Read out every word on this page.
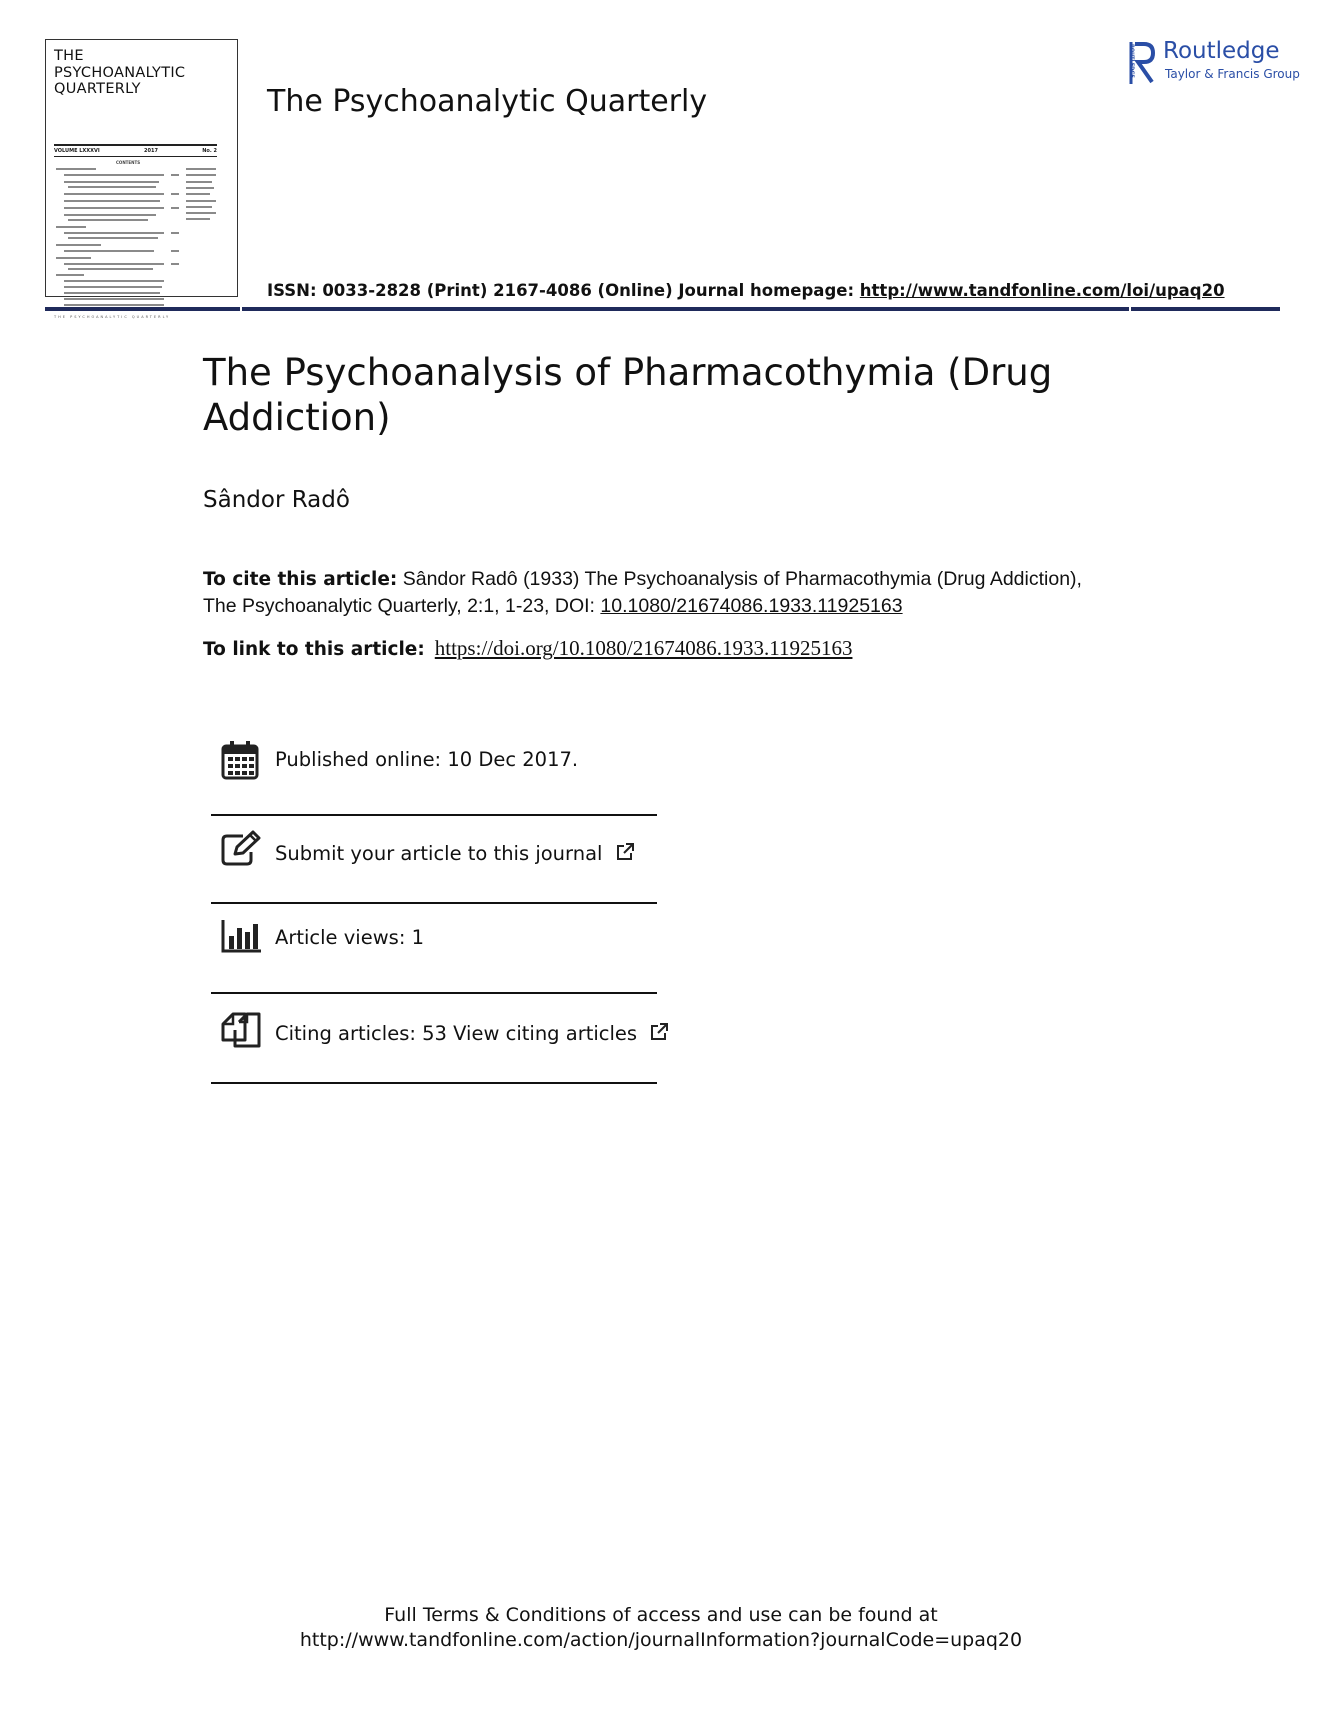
THE
PSYCHOANALYTIC
QUARTERLY
VOLUME LXXXVI	2017	No. 2
CONTENTS
THE PSYCHOANALYTIC QUARTERLY
The Psychoanalytic Quarterly
ROUTLEDGE Routledge
Taylor & Francis Group
ISSN: 0033-2828 (Print) 2167-4086 (Online) Journal homepage: http://www.tandfonline.com/loi/upaq20
The Psychoanalysis of Pharmacothymia (Drug Addiction)
Sândor Radô
To cite this article: Sândor Radô (1933) The Psychoanalysis of Pharmacothymia (Drug Addiction),
The Psychoanalytic Quarterly, 2:1, 1-23, DOI: 10.1080/21674086.1933.11925163
To link to this article: https://doi.org/10.1080/21674086.1933.11925163
Published online: 10 Dec 2017.
Submit your article to this journal
Article views: 1
Citing articles: 53 View citing articles
Full Terms & Conditions of access and use can be found at
http://www.tandfonline.com/action/journalInformation?journalCode=upaq20
